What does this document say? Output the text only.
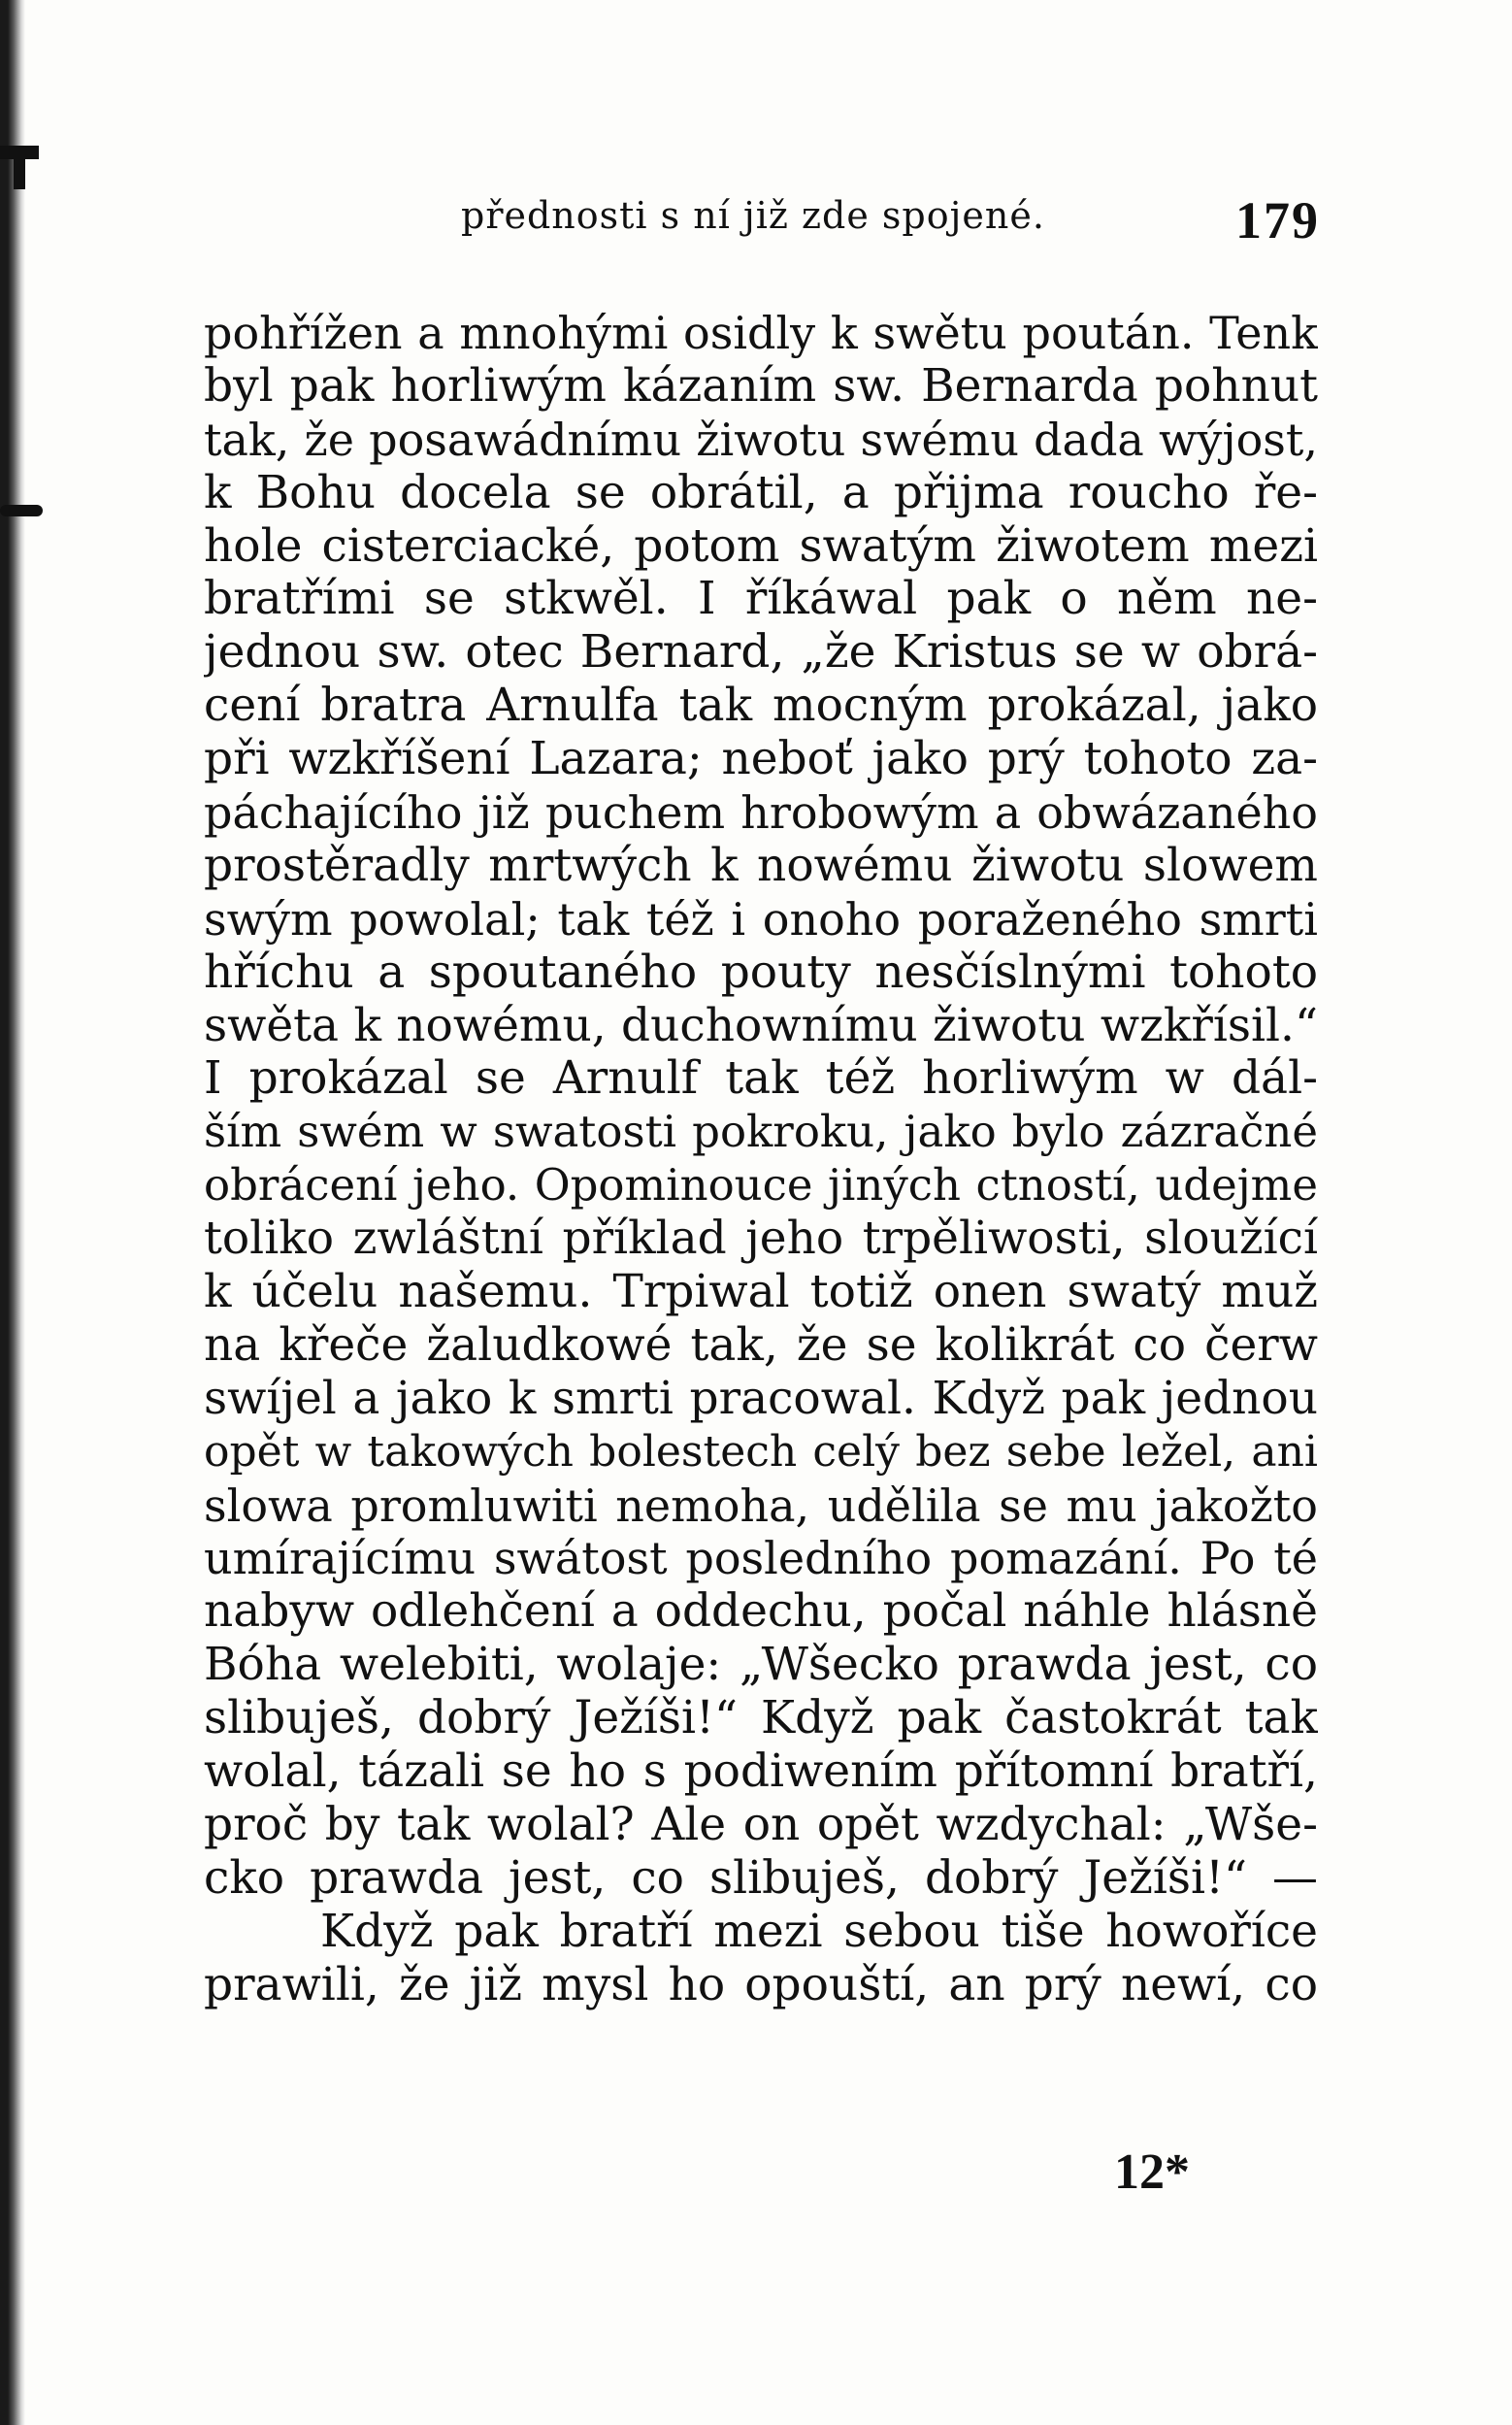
přednosti s ní již zde spojené.	179
pohřížen a mnohými osidly k swětu poután. Tenk
byl pak horliwým kázaním sw. Bernarda pohnut
tak, že posawádnímu žiwotu swému dada wýjost,
k Bohu docela se obrátil, a přijma roucho ře-
hole cisterciacké, potom swatým žiwotem mezi
bratřími se stkwěl. I říkáwal pak o něm ne-
jednou sw. otec Bernard, „že Kristus se w obrá-
cení bratra Arnulfa tak mocným prokázal, jako
při wzkříšení Lazara; neboť jako prý tohoto za-
páchajícího již puchem hrobowým a obwázaného
prostěradly mrtwých k nowému žiwotu slowem
swým powolal; tak též i onoho poraženého smrti
hříchu a spoutaného pouty nesčíslnými tohoto
swěta k nowému, duchownímu žiwotu wzkřísil.“
I prokázal se Arnulf tak též horliwým w dál-
ším swém w swatosti pokroku, jako bylo zázračné
obrácení jeho. Opominouce jiných ctností, udejme
toliko zwláštní příklad jeho trpěliwosti, sloužící
k účelu našemu. Trpiwal totiž onen swatý muž
na křeče žaludkowé tak, že se kolikrát co čerw
swíjel a jako k smrti pracowal. Když pak jednou
opět w takowých bolestech celý bez sebe ležel, ani
slowa promluwiti nemoha, udělila se mu jakožto
umírajícímu swátost posledního pomazání. Po té
nabyw odlehčení a oddechu, počal náhle hlásně
Bóha welebiti, wolaje: „Wšecko prawda jest, co
slibuješ, dobrý Ježíši!“ Když pak častokrát tak
wolal, tázali se ho s podiwením přítomní bratří,
proč by tak wolal? Ale on opět wzdychal: „Wše-
cko prawda jest, co slibuješ, dobrý Ježíši!“ —
Když pak bratří mezi sebou tiše howoříce
prawili, že již mysl ho opouští, an prý newí, co
12*
